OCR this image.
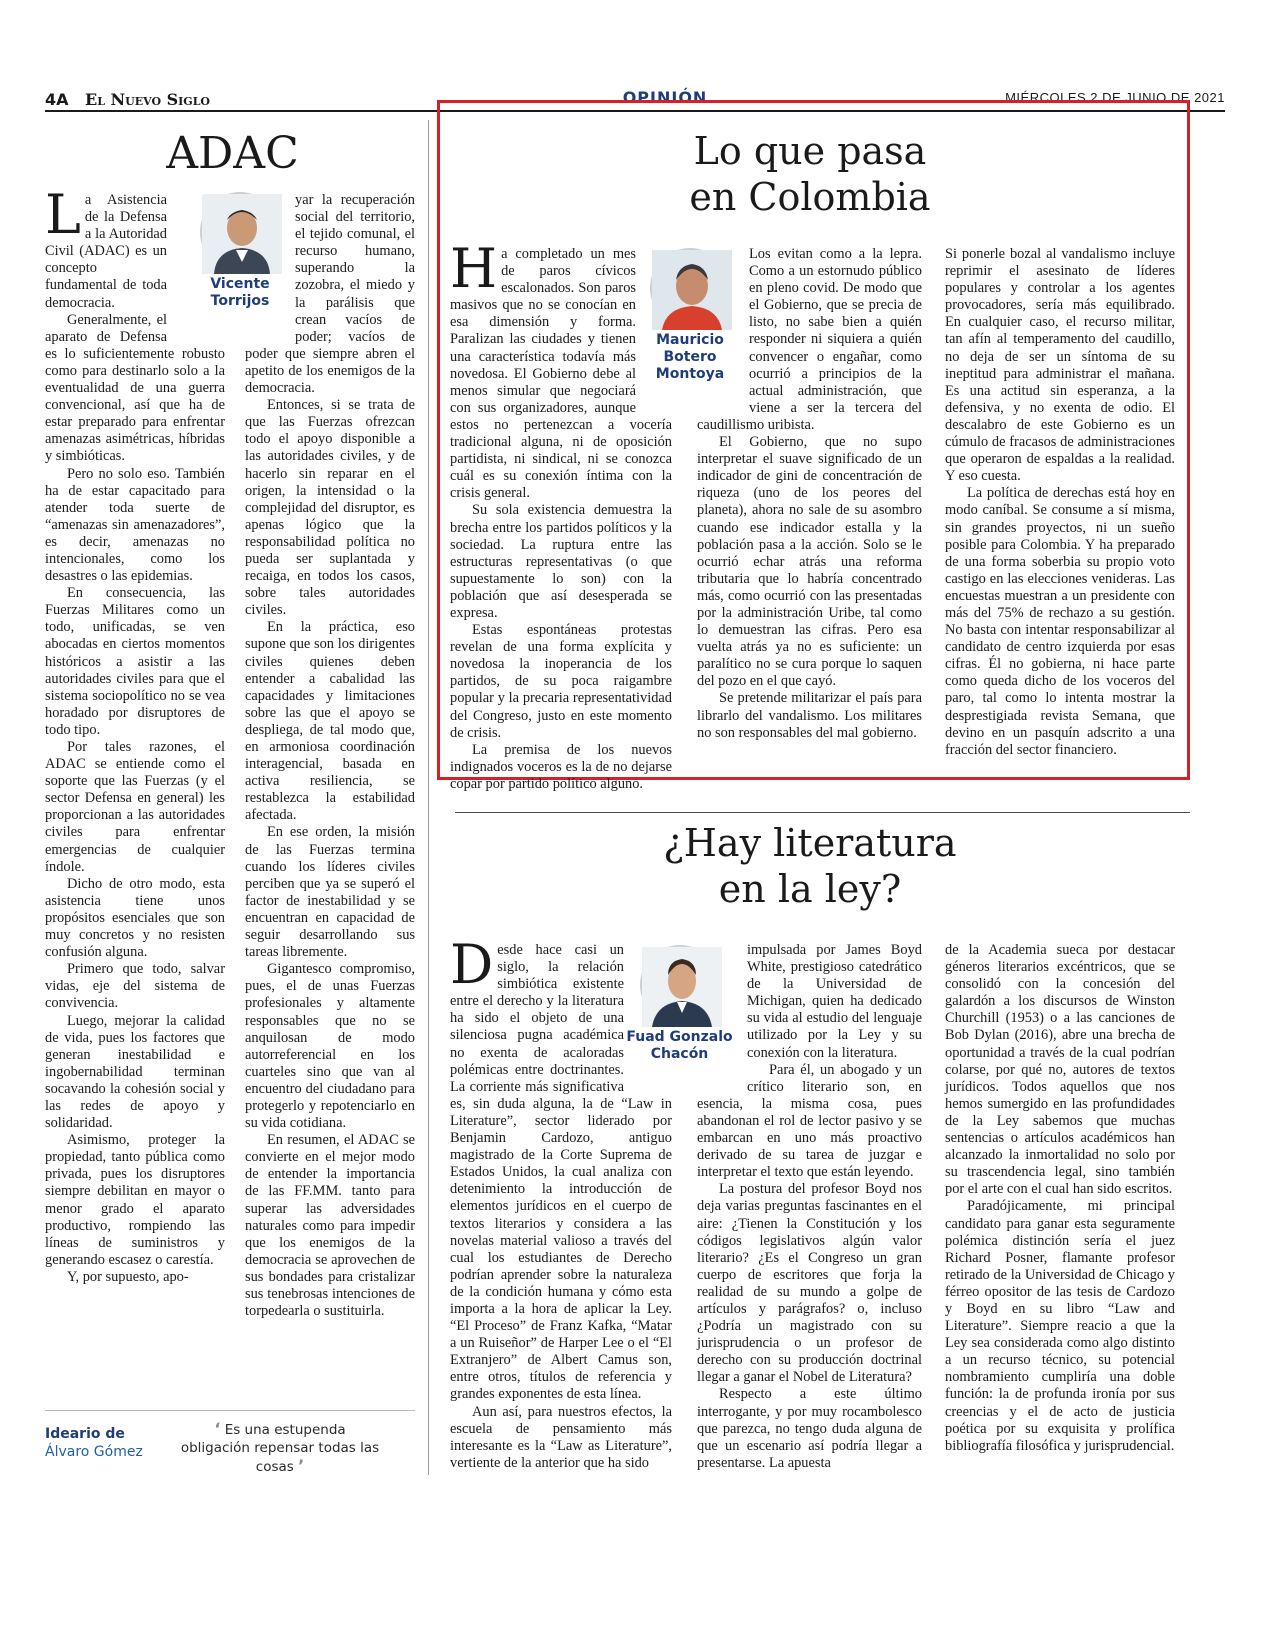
4A El Nuevo Siglo	OPINIÓN	MIÉRCOLES 2 DE JUNIO DE 2021
ADAC
Vicente Torrijos

La Asistencia de la Defensa a la Autoridad Civil (ADAC) es un concepto fundamental de toda democracia.

Generalmente, el aparato de Defensa es lo suficientemente robusto como para destinarlo solo a la eventualidad de una guerra convencional, así que ha de estar preparado para enfrentar amenazas asimétricas, híbridas y simbióticas.

Pero no solo eso. También ha de estar capacitado para atender toda suerte de “amenazas sin amenazadores”, es decir, amenazas no intencionales, como los desastres o las epidemias.

En consecuencia, las Fuerzas Militares como un todo, unificadas, se ven abocadas en ciertos momentos históricos a asistir a las autoridades civiles para que el sistema sociopolítico no se vea horadado por disruptores de todo tipo.

Por tales razones, el ADAC se entiende como el soporte que las Fuerzas (y el sector Defensa en general) les proporcionan a las autoridades civiles para enfrentar emergencias de cualquier índole.

Dicho de otro modo, esta asistencia tiene unos propósitos esenciales que son muy concretos y no resisten confusión alguna.

Primero que todo, salvar vidas, eje del sistema de convivencia.

Luego, mejorar la calidad de vida, pues los factores que generan inestabilidad e ingobernabilidad terminan socavando la cohesión social y las redes de apoyo y solidaridad.

Asimismo, proteger la propiedad, tanto pública como privada, pues los disruptores siempre debilitan en mayor o menor grado el aparato productivo, rompiendo las líneas de suministros y generando escasez o carestía.

Y, por supuesto, apo-

yar la recuperación social del territorio, el tejido comunal, el recurso humano, superando la zozobra, el miedo y la parálisis que crean vacíos de poder; vacíos de poder que siempre abren el apetito de los enemigos de la democracia.

Entonces, si se trata de que las Fuerzas ofrezcan todo el apoyo disponible a las autoridades civiles, y de hacerlo sin reparar en el origen, la intensidad o la complejidad del disruptor, es apenas lógico que la responsabilidad política no pueda ser suplantada y recaiga, en todos los casos, sobre tales autoridades civiles.

En la práctica, eso supone que son los dirigentes civiles quienes deben entender a cabalidad las capacidades y limitaciones sobre las que el apoyo se despliega, de tal modo que, en armoniosa coordinación interagencial, basada en activa resiliencia, se restablezca la estabilidad afectada.

En ese orden, la misión de las Fuerzas termina cuando los líderes civiles perciben que ya se superó el factor de inestabilidad y se encuentran en capacidad de seguir desarrollando sus tareas libremente.

Gigantesco compromiso, pues, el de unas Fuerzas profesionales y altamente responsables que no se anquilosan de modo autorreferencial en los cuarteles sino que van al encuentro del ciudadano para protegerlo y repotenciarlo en su vida cotidiana.

En resumen, el ADAC se convierte en el mejor modo de entender la importancia de las FF.MM. tanto para superar las adversidades naturales como para impedir que los enemigos de la democracia se aprovechen de sus bondades para cristalizar sus tenebrosas intenciones de torpedearla o sustituirla.

Lo que pasa
en Colombia
Mauricio Botero Montoya

Ha completado un mes de paros cívicos escalonados. Son paros masivos que no se conocían en esa dimensión y forma. Paralizan las ciudades y tienen una característica todavía más novedosa. El Gobierno debe al menos simular que negociará con sus organizadores, aunque estos no pertenezcan a vocería tradicional alguna, ni de oposición partidista, ni sindical, ni se conozca cuál es su conexión íntima con la crisis general.

Su sola existencia demuestra la brecha entre los partidos políticos y la sociedad. La ruptura entre las estructuras representativas (o que supuestamente lo son) con la población que así desesperada se expresa.

Estas espontáneas protestas revelan de una forma explícita y novedosa la inoperancia de los partidos, de su poca raigambre popular y la precaria representatividad del Congreso, justo en este momento de crisis.

La premisa de los nuevos indignados voceros es la de no dejarse copar por partido político alguno.

Los evitan como a la lepra. Como a un estornudo público en pleno covid. De modo que el Gobierno, que se precia de listo, no sabe bien a quién responder ni siquiera a quién convencer o engañar, como ocurrió a principios de la actual administración, que viene a ser la tercera del caudillismo uribista.

El Gobierno, que no supo interpretar el suave significado de un indicador de gini de concentración de riqueza (uno de los peores del planeta), ahora no sale de su asombro cuando ese indicador estalla y la población pasa a la acción. Solo se le ocurrió echar atrás una reforma tributaria que lo habría concentrado más, como ocurrió con las presentadas por la administración Uribe, tal como lo demuestran las cifras. Pero esa vuelta atrás ya no es suficiente: un paralítico no se cura porque lo saquen del pozo en el que cayó.

Se pretende militarizar el país para librarlo del vandalismo. Los militares no son responsables del mal gobierno.

Si ponerle bozal al vandalismo incluye reprimir el asesinato de líderes populares y controlar a los agentes provocadores, sería más equilibrado. En cualquier caso, el recurso militar, tan afín al temperamento del caudillo, no deja de ser un síntoma de su ineptitud para administrar el mañana. Es una actitud sin esperanza, a la defensiva, y no exenta de odio. El descalabro de este Gobierno es un cúmulo de fracasos de administraciones que operaron de espaldas a la realidad. Y eso cuesta.

La política de derechas está hoy en modo caníbal. Se consume a sí misma, sin grandes proyectos, ni un sueño posible para Colombia. Y ha preparado de una forma soberbia su propio voto castigo en las elecciones venideras. Las encuestas muestran a un presidente con más del 75% de rechazo a su gestión. No basta con intentar responsabilizar al candidato de centro izquierda por esas cifras. Él no gobierna, ni hace parte como queda dicho de los voceros del paro, tal como lo intenta mostrar la desprestigiada revista Semana, que devino en un pasquín adscrito a una fracción del sector financiero.

¿Hay literatura
en la ley?
Fuad Gonzalo Chacón

Desde hace casi un siglo, la relación simbiótica existente entre el derecho y la literatura ha sido el objeto de una silenciosa pugna académica no exenta de acaloradas polémicas entre doctrinantes. La corriente más significativa es, sin duda alguna, la de “Law in Literature”, sector liderado por Benjamin Cardozo, antiguo magistrado de la Corte Suprema de Estados Unidos, la cual analiza con detenimiento la introducción de elementos jurídicos en el cuerpo de textos literarios y considera a las novelas material valioso a través del cual los estudiantes de Derecho podrían aprender sobre la naturaleza de la condición humana y cómo esta importa a la hora de aplicar la Ley. “El Proceso” de Franz Kafka, “Matar a un Ruiseñor” de Harper Lee o el “El Extranjero” de Albert Camus son, entre otros, títulos de referencia y grandes exponentes de esta línea.

Aun así, para nuestros efectos, la escuela de pensamiento más interesante es la “Law as Literature”, vertiente de la anterior que ha sido

impulsada por James Boyd White, prestigioso catedrático de la Universidad de Michigan, quien ha dedicado su vida al estudio del lenguaje utilizado por la Ley y su conexión con la literatura.

Para él, un abogado y un crítico literario son, en esencia, la misma cosa, pues abandonan el rol de lector pasivo y se embarcan en uno más proactivo derivado de su tarea de juzgar e interpretar el texto que están leyendo.

La postura del profesor Boyd nos deja varias preguntas fascinantes en el aire: ¿Tienen la Constitución y los códigos legislativos algún valor literario? ¿Es el Congreso un gran cuerpo de escritores que forja la realidad de su mundo a golpe de artículos y parágrafos? o, incluso ¿Podría un magistrado con su jurisprudencia o un profesor de derecho con su producción doctrinal llegar a ganar el Nobel de Literatura?

Respecto a este último interrogante, y por muy rocambolesco que parezca, no tengo duda alguna de que un escenario así podría llegar a presentarse. La apuesta

de la Academia sueca por destacar géneros literarios excéntricos, que se consolidó con la concesión del galardón a los discursos de Winston Churchill (1953) o a las canciones de Bob Dylan (2016), abre una brecha de oportunidad a través de la cual podrían colarse, por qué no, autores de textos jurídicos. Todos aquellos que nos hemos sumergido en las profundidades de la Ley sabemos que muchas sentencias o artículos académicos han alcanzado la inmortalidad no solo por su trascendencia legal, sino también por el arte con el cual han sido escritos.

Paradójicamente, mi principal candidato para ganar esta seguramente polémica distinción sería el juez Richard Posner, flamante profesor retirado de la Universidad de Chicago y férreo opositor de las tesis de Cardozo y Boyd en su libro “Law and Literature”. Siempre reacio a que la Ley sea considerada como algo distinto a un recurso técnico, su potencial nombramiento cumpliría una doble función: la de profunda ironía por sus creencias y el de acto de justicia poética por su exquisita y prolífica bibliografía filosófica y jurisprudencial.

Ideario de
Álvaro Gómez
‘ Es una estupenda obligación repensar todas las cosas ’
